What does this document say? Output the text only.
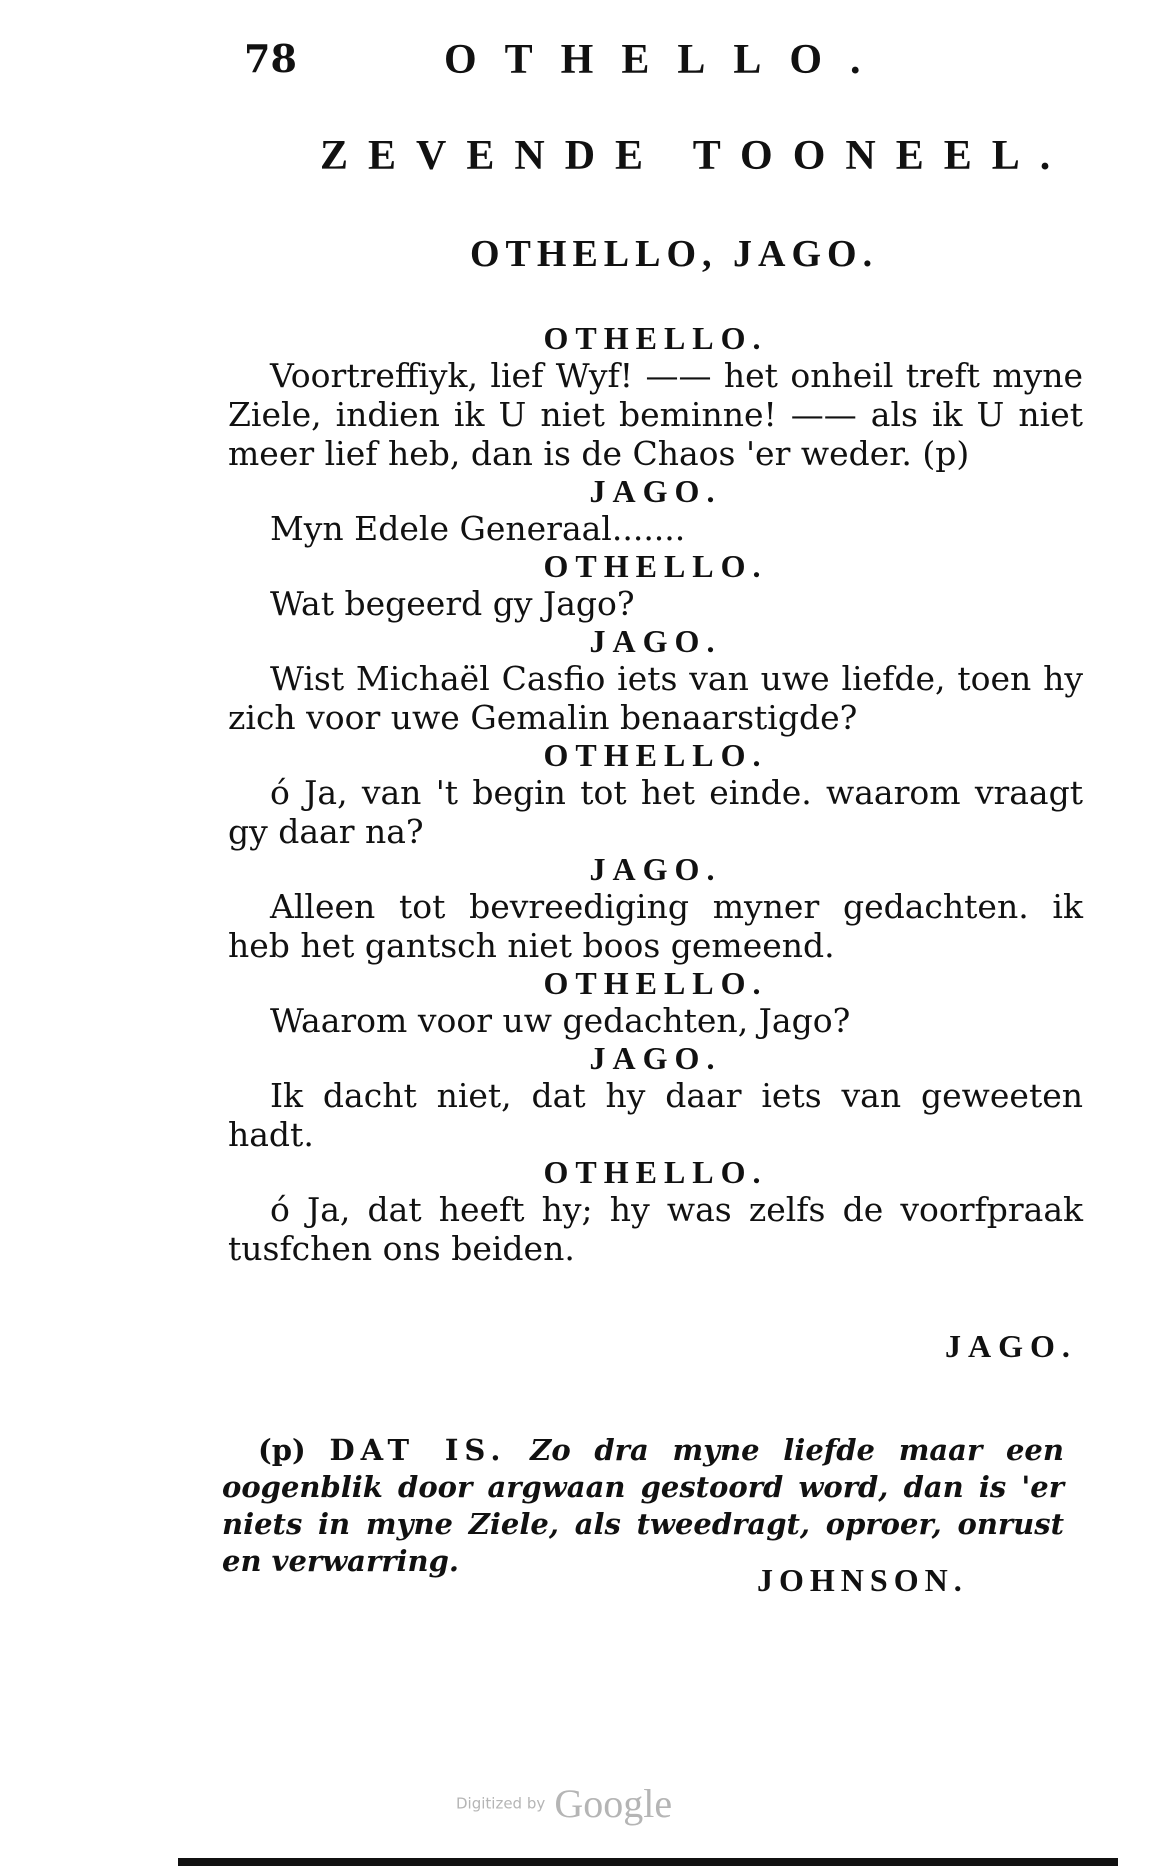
78	OTHELLO.
ZEVENDE TOONEEL.
OTHELLO, JAGO.
OTHELLO.
Voortreffiyk, lief Wyf! —— het onheil treft myne Ziele, indien ik U niet beminne! —— als ik U niet meer lief heb, dan is de Chaos 'er weder. (p)
JAGO.
Myn Edele Generaal.......
OTHELLO.
Wat begeerd gy Jago?
JAGO.
Wist Michaël Casfio iets van uwe liefde, toen hy zich voor uwe Gemalin benaarstigde?
OTHELLO.
ó Ja, van 't begin tot het einde. waarom vraagt gy daar na?
JAGO.
Alleen tot bevreediging myner gedachten. ik heb het gantsch niet boos gemeend.
OTHELLO.
Waarom voor uw gedachten, Jago?
JAGO.
Ik dacht niet, dat hy daar iets van geweeten hadt.
OTHELLO.
ó Ja, dat heeft hy; hy was zelfs de voorfpraak tusfchen ons beiden.
JAGO.

(p) DAT IS. Zo dra myne liefde maar een oogenblik door argwaan gestoord word, dan is 'er niets in myne Ziele, als tweedragt, oproer, onrust en verwarring.

JOHNSON.
Digitized by Google
